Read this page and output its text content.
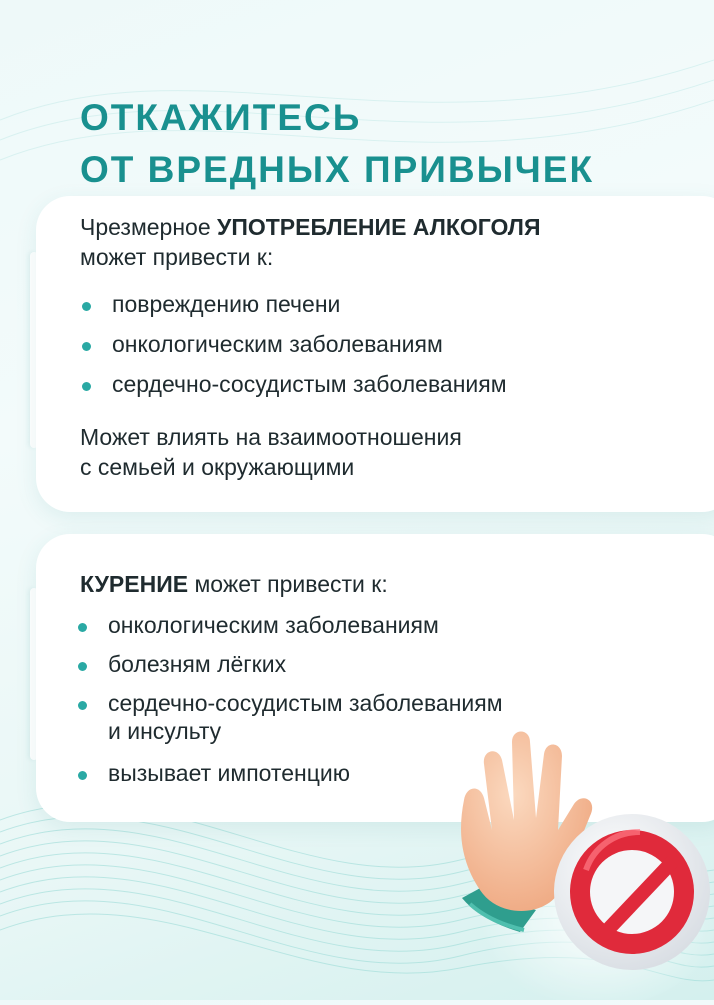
ОТКАЖИТЕСЬ
ОТ ВРЕДНЫХ ПРИВЫЧЕК
Чрезмерное УПОТРЕБЛЕНИЕ АЛКОГОЛЯ
может привести к:
повреждению печени
онкологическим заболеваниям
сердечно-сосудистым заболеваниям
Может влиять на взаимоотношения
с семьей и окружающими
КУРЕНИЕ может привести к:
онкологическим заболеваниям
болезням лёгких
сердечно-сосудистым заболеваниям
и инсульту
вызывает импотенцию
